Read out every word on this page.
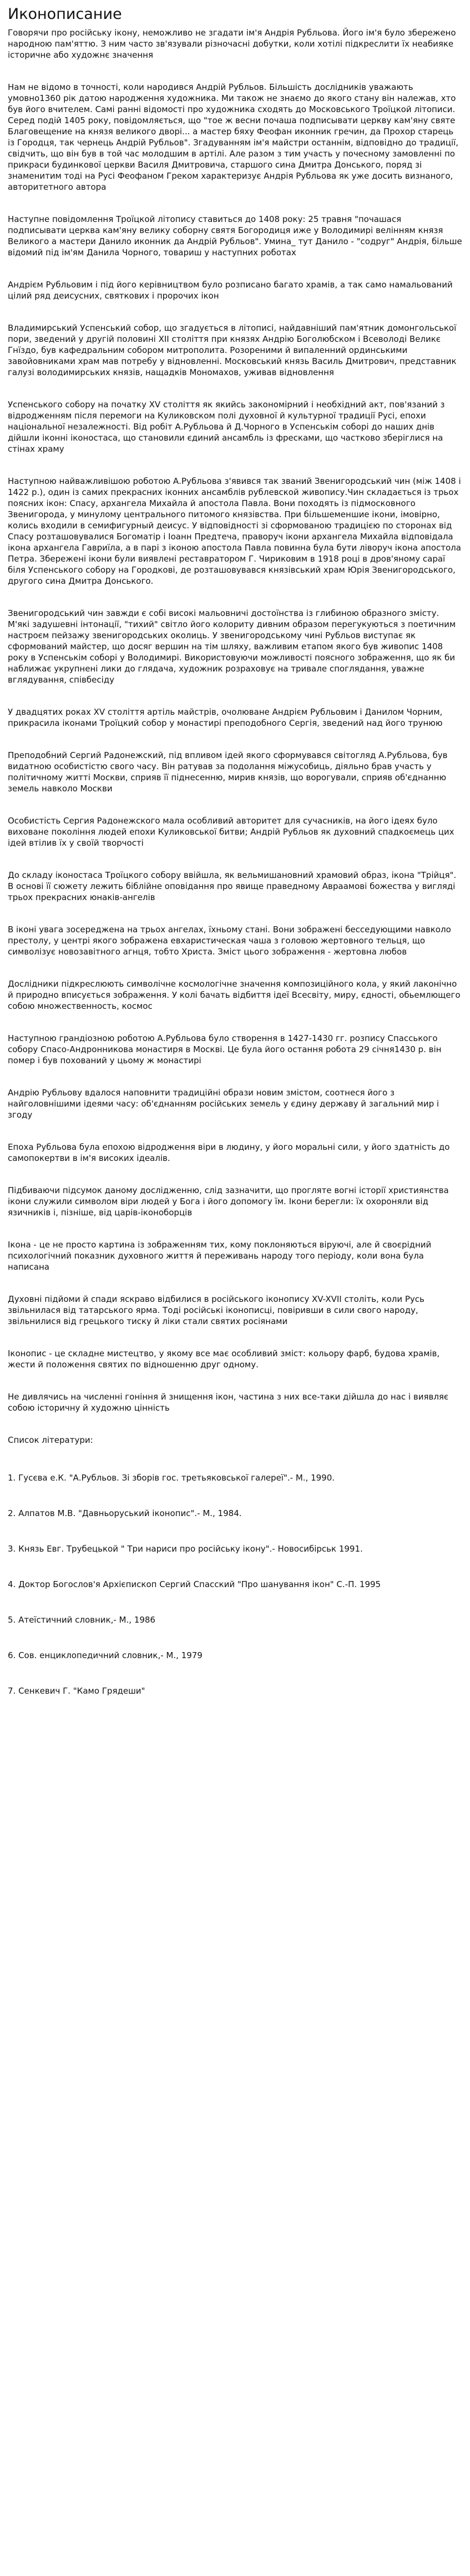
Иконописание

Говорячи про російську ікону, неможливо не згадати ім'я Андрія Рубльова. Його ім'я було збережено народною пам'яттю. З ним часто зв'язували різночасні добутки, коли хотілі підкреслити їх неабияке історичне або художнє значення

Нам не відомо в точності, коли народився Андрій Рубльов. Більшість дослідників уважають умовно1360 рік датою народження художника. Ми також не знаємо до якого стану він належав, хто був його вчителем. Самі ранні відомості про художника сходять до Московського Троїцкой літописи. Серед подій 1405 року, повідомляється, що "тое ж весни почаша подписывати церкву кам'яну святе Благовещение на князя великого дворі... а мастер бяху Феофан иконник гречин, да Прохор старець із Городця, так чернець Андрій Рубльов". Згадуванням ім'я майстри останнім, відповідно до традиції, свідчить, що він був в той час молодшим в артілі. Але разом з тим участь у почесному замовленні по прикраси будинкової церкви Василя Дмитровича, старшого сина Дмитра Донського, поряд зі знаменитим тоді на Русі Феофаном Греком характеризує Андрія Рубльова як уже досить визнаного, авторитетного автора

Наступне повідомлення Троїцкой літопису ставиться до 1408 року: 25 травня "почашася подписывати церква кам'яну велику соборну святя Богородиця иже у Володимирі велінням князя Великого а мастери Данило иконник да Андрій Рубльов". Умина_ тут Данило - "содруг" Андрія, більше відомий під ім'ям Данила Чорного, товариш у наступних роботах

Андрієм Рубльовим і під його керівництвом було розписано багато храмів, а так само намальований цілий ряд деисусних, святкових і пророчих ікон

Владимирський Успенський собор, що згадується в літописі, найдавніший пам'ятник домонгольської пори, зведений у другій половині XII століття при князях Андрію Боголюбском і Всеволоді Великє Гнїздо, був кафедральним собором митрополита. Розореними й випаленний ординськими завойовниками храм мав потребу у відновленні. Московський князь Василь Дмитрович, представник галузі володимирських князів, нащадків Мономахов, уживав відновлення

Успенського собору на початку XV століття як якийсь закономірний і необхідний акт, пов'язаний з відродженням після перемоги на Куликовском полі духовної й культурної традиції Русі, епохи національної незалежності. Від робіт А.Рубльова й Д.Чорного в Успенськім соборі до наших днів дійшли іконні іконостаса, що становили єдиний ансамбль із фресками, що частково зберіглися на стінах храму

Наступною найважливішою роботою А.Рубльова з'явився так званий Звенигородський чин (між 1408 і 1422 р.), один із самих прекрасних іконних ансамблів рублевской живопису.Чин складається із трьох поясних ікон: Спасу, архангела Михайла й апостола Павла. Вони походять із підмосковного Звенигорода, у минулому центрального питомого князівства. При більшеменшие ікони, імовірно, колись входили в семифигурный деисус. У відповідності зі сформованою традицією по сторонах від Спасу розташовувалися Богоматір і Іоанн Предтеча, праворуч ікони архангела Михайла відповідала ікона архангела Гавриїла, а в парі з іконою апостола Павла повинна була бути ліворуч ікона апостола Петра. Збережені ікони були виявлені реставратором Г. Чириковим в 1918 році в дров'яному сараї біля Успенського собору на Городкові, де розташовувався князівський храм Юрія Звенигородського, другого сина Дмитра Донського.

Звенигородський чин завжди є собі високі мальовничі достоїнства із глибиною образного змісту. М'які задушевні інтонації, "тихий" світло його колориту дивним образом перегукуються з поетичним настроєм пейзажу звенигородських околиць. У звенигородському чині Рубльов виступає як сформований майстер, що досяг вершин на тім шляху, важливим етапом якого був живопис 1408 року в Успенськім соборі у Володимирі. Використовуючи можливості поясного зображення, що як би наближає укрупнені лики до глядача, художник розраховує на тривале споглядання, уважне вглядування, співбесіду

У двадцятих роках XV століття артіль майстрів, очолюване Андрієм Рубльовим і Данилом Чорним, прикрасила іконами Троїцкий собор у монастирі преподобного Сергія, зведений над його трунюю

Преподобний Сергий Радонежский, під впливом ідей якого сформувався світогляд А.Рубльова, був видатною особистістю свого часу. Він ратував за подолання міжусобиць, діяльно брав участь у політичному житті Москви, сприяв її піднесенню, мирив князів, що ворогували, сприяв об'єднанню земель навколо Москви

Особистість Сергия Радонежского мала особливий авторитет для сучасників, на його ідеях було виховане покоління людей епохи Куликовської битви; Андрій Рубльов як духовний спадкоємець цих ідей втілив їх у своїй творчості

До складу іконостаса Троїцкого собору ввійшла, як вельмишановний храмовий образ, ікона "Трійця". В основі її сюжету лежить біблійне оповідання про явище праведному Авраамові божества у вигляді трьох прекрасних юнаків-ангелів

В іконі увага зосереджена на трьох ангелах, їхньому стані. Вони зображені бесседующими навколо престолу, у центрі якого зображена евхаристическая чаша з головою жертовного тельця, що символізує новозавітного агнця, тобто Христа. Зміст цього зображення - жертовна любов

Дослідники підкреслюють символічне космологічне значення композиційного кола, у який лаконічно й природно вписується зображення. У колі бачать відбиття ідеї Всесвіту, миру, єдності, обьемлющего собою множественность, космос

Наступною грандіозною роботою А.Рубльова було створення в 1427-1430 гг. розпису Спасського собору Спасо-Андронникова монастиря в Москві. Це була його остання робота 29 січня1430 р. він помер і був похований у цьому ж монастирі

Андрію Рубльову вдалося наповнити традиційні образи новим змістом, соотнеся його з найголовнішими ідеями часу: об'єднанням російських земель у єдину державу й загальний мир і згоду

Епоха Рубльова була епохою відродження віри в людину, у його моральні сили, у його здатність до самопокертви в ім'я високих ідеалів.

Підбиваючи підсумок даному дослідженню, слід зазначити, що прогляте вогні історії християнства ікони служили символом віри людей у Бога і його допомогу їм. Ікони берегли: їх охороняли від язичників і, пізніше, від царів-іконоборців

Ікона - це не просто картина із зображенням тих, кому поклоняються віруючі, але й своєрідний психологічний показник духовного життя й переживань народу того періоду, коли вона була написана

Духовні підйоми й спади яскраво відбилися в російського іконопису XV-XVII століть, коли Русь звільнилася від татарського ярма. Тоді російські іконописці, повіривши в сили свого народу, звільнилися від грецького тиску й ліки стали святих росіянами

Іконопис - це складне мистецтво, у якому все має особливий зміст: кольору фарб, будова храмів, жести й положення святих по відношенню друг одному.

Не дивлячись на численні гоніння й знищення ікон, частина з них все-таки дійшла до нас і виявляє собою історичну й художню цінність

Список літератури:

1. Гусєва е.К. "А.Рубльов. Зі зборів гос. третьяковської галереї".- М., 1990.

2. Алпатов М.В. "Давньоруський іконопис".- М., 1984.

3. Князь Евг. Трубецькой " Три нариси про російську ікону".- Новосибірськ 1991.

4. Доктор Богослов'я Архієпископ Сергий Спасский "Про шанування ікон" С.-П. 1995

5. Атеїстичний словник,- М., 1986

6. Сов. енциклопедичний словник,- М., 1979

7. Сенкевич Г. "Камо Грядеши"
